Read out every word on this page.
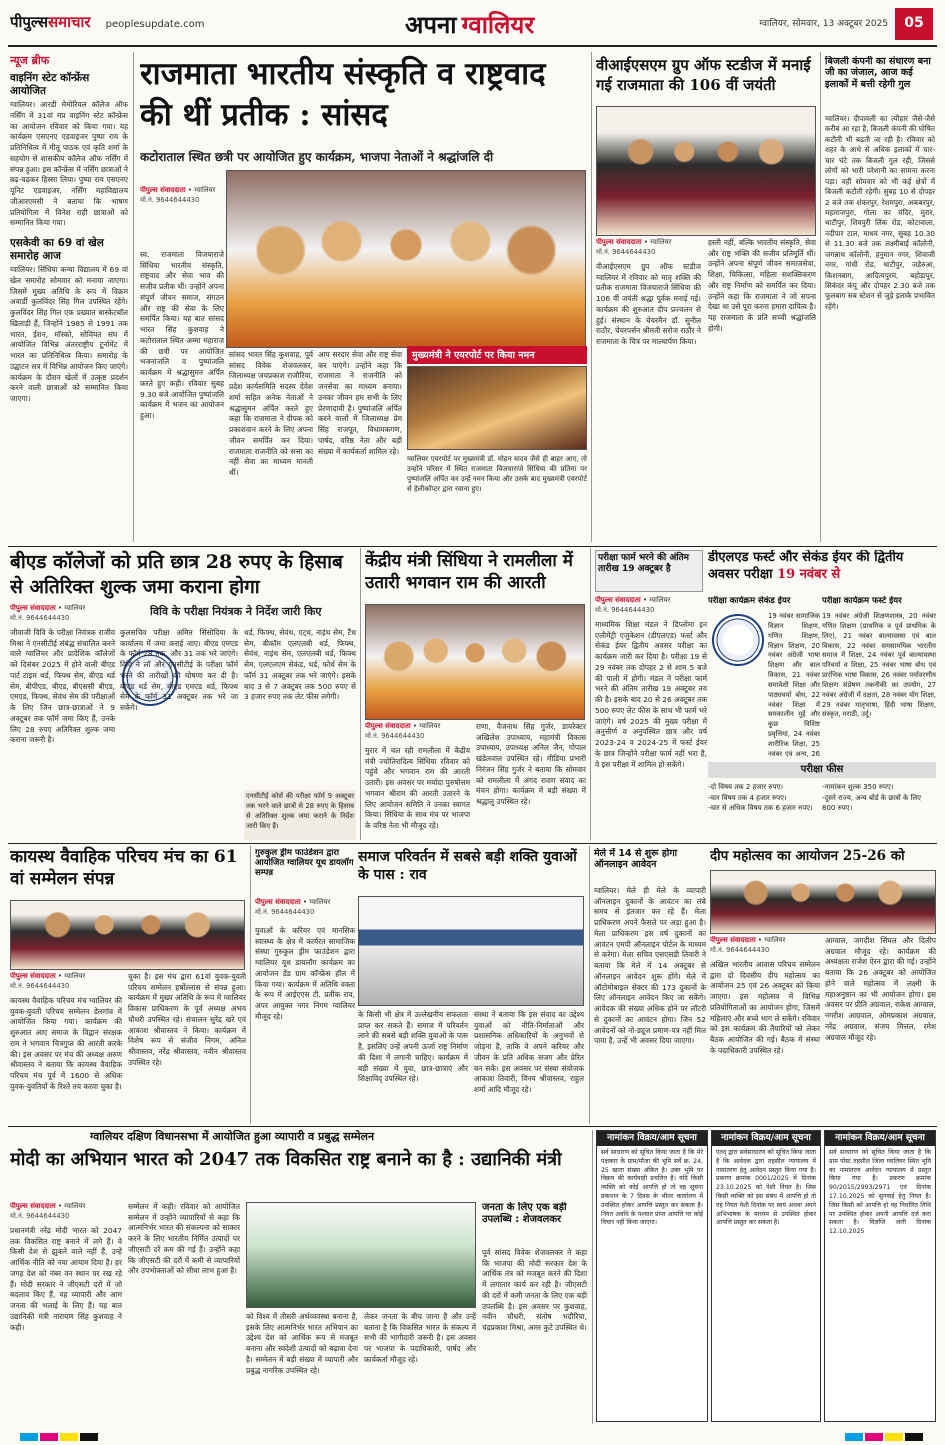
पीपुल्ससमाचार peoplesupdate.com	अपना ग्वालियर	ग्वालियर, सोमवार, 13 अक्टूबर 2025	05
न्यूज ब्रीफ
वाइनिंग स्टेट कॉन्फ्रेंस आयोजित
ग्वालियर। आरडी मेमोरियल कॉलेज ऑफ नर्सिंग में 31वां मप्र वाइनिंग स्टेट कॉन्फ्रेंस का आयोजन रविवार को किया गया। यह कार्यक्रम एसएनए एडवाइजर पुष्पा राय के प्रतिनिधित्व में मीतू पाठक एवं कृति शर्मा के सहयोग से शासकीय कॉलेज ऑफ नर्सिंग में संपन्न हुआ। इस कॉन्फ्रेंस में नर्सिंग छात्राओं ने बढ़-चढ़कर हिस्सा लिया। पुष्पा राय एसएनए यूनिट एडवाइजर, नर्सिंग महाविद्यालय जीआरएमसी ने बताया कि भाषण प्रतियोगिता में विनेश राही छात्राओं को सम्मानित किया गया।
एसकेवी का 69 वां खेल समारोह आज
ग्वालियर। सिंधिया कन्या विद्यालय में 69 वां खेल समारोह सोमवार को मनाया जाएगा। जिसमें मुख्य अतिथि के रूप में विक्रम अवार्डी कुलविंदर सिंह गिल उपस्थित रहेंगे। कुलविंदर सिंह गिल एक प्रख्यात बास्केटबॉल खिलाड़ी हैं, जिन्होंने 1985 से 1991 तक भारत, ईरान, मॉस्को, सोवियत संघ में आयोजित विभिन्न अंतरराष्ट्रीय टूर्नामेंट में भारत का प्रतिनिधित्व किया। समारोह के उद्घाटन सत्र में विभिन्न आयोजन किए जाएंगे। कार्यक्रम के दौरान खेलों में उत्कृष्ट प्रदर्शन करने वाली छात्राओं को सम्मानित किया जाएगा।
राजमाता भारतीय संस्कृति व राष्ट्रवाद की थीं प्रतीक : सांसद
कटोराताल स्थित छत्री पर आयोजित हुए कार्यक्रम, भाजपा नेताओं ने श्रद्धांजलि दी
पीपुल्स संवाददाता • ग्वालियर
मो.नं. 9644644430
स्व. राजमाता विजयाराजे सिंधिया भारतीय संस्कृति, राष्ट्रवाद और सेवा भाव की सजीव प्रतीक थीं। उन्होंने अपना संपूर्ण जीवन समाज, संगठन और राष्ट्र की सेवा के लिए समर्पित किया। यह बात सांसद भारत सिंह कुशवाह ने कटोराताल स्थित अम्मा महाराज की छत्री पर आयोजित भजनांजलि व पुष्पांजलि कार्यक्रम में श्रद्धासुमन अर्पित करते हुए कही। रविवार सुबह 9.30 बजे आयोजित पुष्पांजलि कार्यक्रम में भजन का आयोजन हुआ।
सांसद भारत सिंह कुशवाह, पूर्व सांसद विवेक शेजवलकर, जिलाध्यक्ष जयप्रकाश राजौरिया, प्रदेश कार्यसमिति सदस्य देवेश शर्मा सहित अनेक नेताओं ने श्रद्धासुमन अर्पित करते हुए कहा कि राजमाता ने दीपक को प्रकाशवान करने के लिए अपना जीवन समर्पित कर दिया। राजमाता राजनीति को सत्ता का नहीं सेवा का माध्यम मानती थीं।
आप सरदार सेवा और राष्ट्र सेवा कर पाएंगे। उन्होंने कहा कि राजमाता ने राजनीति को जनसेवा का माध्यम बनाया। उनका जीवन हम सभी के लिए प्रेरणादायी है। पुष्पांजलि अर्पित करने वालों में जिलाध्यक्ष प्रेम सिंह राजपूत, विधायकगण, पार्षद, वरिष्ठ नेता और बड़ी संख्या में कार्यकर्ता शामिल रहे।
मुख्यमंत्री ने एयरपोर्ट पर किया नमन
ग्वालियर एयरपोर्ट पर मुख्यमंत्री डॉ. मोहन यादव जैसे ही बाहर आए, तो उन्होंने परिसर में स्थित राजमाता विजयाराजे सिंधिया की प्रतिमा पर पुष्पांजलि अर्पित कर उन्हें नमन किया और उसके बाद मुख्यमंत्री एयरपोर्ट से हेलीकॉप्टर द्वारा रवाना हुए।
वीआईएसएम ग्रुप ऑफ स्टडीज में मनाई गई राजमाता की 106 वीं जयंती
पीपुल्स संवाददाता • ग्वालियर
मो.नं. 9644644430
वीआईएसएम ग्रुप ऑफ स्टडीज ग्वालियर में रविवार को मातृ शक्ति की प्रतीक राजमाता विजयाराजे सिंधिया की 106 वीं जयंती श्रद्धा पूर्वक मनाई गई। कार्यक्रम की शुरुआत दीप प्रज्वलन से हुई। संस्थान के चेयरमैन डॉ. सुनील राठौर, चेयरपर्सन श्रीमती सरोज राठौर ने राजमाता के चित्र पर माल्यार्पण किया।
हस्ती नहीं, बल्कि भारतीय संस्कृति, सेवा और राष्ट्र भक्ति की सजीव प्रतिमूर्ति थीं। उन्होंने अपना संपूर्ण जीवन समाजसेवा, शिक्षा, चिकित्सा, महिला सशक्तिकरण और राष्ट्र निर्माण को समर्पित कर दिया। उन्होंने कहा कि राजमाता ने जो सपना देखा था उसे पूरा करना हमारा दायित्व है। यह राजमाता के प्रति सच्ची श्रद्धांजलि होगी।
बिजली कंपनी का संधारण बना जी का जंजाल, आज कई इलाकों में बत्ती रहेगी गुल
ग्वालियर। दीपावली का त्यौहार जैसे-जैसे करीब आ रहा है, बिजली कंपनी की घोषित कटौती भी बढ़ती जा रही है। रविवार को शहर के आधे से अधिक इलाकों में चार-चार घंटे तक बिजली गुल रही, जिससे लोगों को भारी परेशानी का सामना करना पड़ा। वहीं सोमवार को भी कई क्षेत्रों में बिजली कटौती रहेगी। सुबह 10 से दोपहर 2 बजे तक शंकरपुर, रेशमपुरा, अकबरपुर, महाराजपुरा, गोला का मंदिर, मुरार, थाटीपुर, शिवपुरी लिंक रोड, कोटावाला, नदीपार टाल, माधव नगर, सुबह 10.30 से 11.30 बजे तक लक्ष्मीबाई कॉलोनी, जगन्नाथ कॉलोनी, हनुमान नगर, शिवाजी नगर, गांधी रोड, थाटीपुर, जडेरुआ, किशनबाग, आदित्यपुरम, बहोड़ापुर, सिकंदर कंपू और दोपहर 2.30 बजे तक फूलबाग सब स्टेशन से जुड़े इलाके प्रभावित रहेंगे।
बीएड कॉलेजों को प्रति छात्र 28 रुपए के हिसाब से अतिरिक्त शुल्क जमा कराना होगा
विवि के परीक्षा नियंत्रक ने निर्देश जारी किए
पीपुल्स संवाददाता • ग्वालियर
मो.नं. 9644644430
जीवाजी विवि के परीक्षा नियंत्रक राजीव मिश्रा ने एनसीटीई संबंद्ध संचालित करने वाले ग्वालियर और प्रादेशिक कॉलेजों को दिसंबर 2025 में होने वाली बीएड पार्ट टाइम थर्ड, फिफ्थ सेम, बीएड थर्ड सेम, बीपीएड, बीएड, बीएससी बीएड, एमएड, फिफ्थ, सेवंथ सेम की परीक्षाओं के लिए जिन छात्र-छात्राओं ने 9 अक्टूबर तक फॉर्म जमा किए हैं, उनके लिए 28 रुपए अतिरिक्त शुल्क जमा कराना जरूरी है।
कुलसचिव परीक्षा अमित सिंसोदिया के कार्यालय में जमा कराई जाए। बीएड एमएड के फॉर्म 28 तक, और 31 तक भरे जाएंगे। विवि ने लॉ और एनसीटीई के परीक्षा फॉर्म भरने की तारीखों की घोषणा कर दी है। बीएड थर्ड सेम, बीएड एमएड थर्ड, फिफ्थ सेम के फॉर्म 31 अक्टूबर तक भरे जा सकेंगे।
थर्ड, फिफ्थ, सेवंथ, एट्थ, नाइंथ सेम, टैंथ सेम, बीकॉम एलएलबी थर्ड, फिफ्थ, सेवंथ, नाइंथ सेम, एलएलबी थर्ड, फिफ्थ सेम, एलएलएम सेकंड, थर्ड, फोर्थ सेम के फॉर्म 31 अक्टूबर तक भरे जाएंगे। इसके बाद 3 से 7 अक्टूबर तक 500 रुपए से 3 हजार रुपए तक लेट फीस लगेगी।
एनसीटीई कोर्स की परीक्षा फॉर्म 9 अक्टूबर तक भरने वाले छात्रों से 28 रुपए के हिसाब से अतिरिक्त शुल्क जमा कराने के निर्देश जारी किए हैं।
केंद्रीय मंत्री सिंधिया ने रामलीला में उतारी भगवान राम की आरती
पीपुल्स संवाददाता • ग्वालियर
मो.नं. 9644644430
मुरार में चल रही रामलीला में केंद्रीय मंत्री ज्योतिरादित्य सिंधिया रविवार को पहुंचे और भगवान राम की आरती उतारी। इस अवसर पर मर्यादा पुरुषोत्तम भगवान श्रीराम की आरती उतारने के लिए आयोजन समिति ने उनका स्वागत किया। सिंधिया के साथ मंच पर भाजपा के वरिष्ठ नेता भी मौजूद रहे।
राणा, वैजनाथ सिंह गुर्जर, डायरेक्टर अखिलेश उपाध्याय, महामंत्री विकास उपाध्याय, उपाध्यक्ष अनिल जैन, गोपाल खंडेलवाल उपस्थित रहे। मीडिया प्रभारी निरंजन सिंह गुर्जर ने बताया कि सोमवार को रामलीला में अंगद रावण संवाद का मंचन होगा। कार्यक्रम में बड़ी संख्या में श्रद्धालु उपस्थित रहे।
परीक्षा फार्म भरने की अंतिम तारीख 19 अक्टूबर है
पीपुल्स संवाददाता • ग्वालियर
मो.नं. 9644644430
माध्यमिक शिक्षा मंडल ने डिप्लोमा इन एलीमेंट्री एजुकेशन (डीएलएड) फर्स्ट और सेकंड ईयर द्वितीय अवसर परीक्षा का कार्यक्रम जारी कर दिया है। परीक्षा 19 से 29 नवंबर तक दोपहर 2 से शाम 5 बजे की पाली में होगी। मंडल ने परीक्षा फार्म भरने की अंतिम तारीख 19 अक्टूबर तय की है। इसके बाद 20 से 26 अक्टूबर तक 500 रुपए लेट फीस के साथ भी फार्म भरे जाएंगे। वर्ष 2025 की मुख्य परीक्षा में अनुत्तीर्ण व अनुपस्थित छात्र और वर्ष 2023-24 व 2024-25 में फर्स्ट ईयर के छात्र जिन्होंने परीक्षा फार्म नहीं भरा है, वे इस परीक्षा में शामिल हो सकेंगे।
डीएलएड फर्स्ट और सेकंड ईयर की द्वितीय अवसर परीक्षा 19 नवंबर से
परीक्षा कार्यक्रम सेकंड ईयर	परीक्षा कार्यक्रम फर्स्ट ईयर
19 नवंबर सामाजिक विज्ञान शिक्षण, गणित शिक्षण, विज्ञान शिक्षण, 20 नवंबर अंग्रेजी भाषा शिक्षण और बाल विकास, 21 नवंबर समावेशी शिक्षा और पाठ्यचर्या बोध, 22 नवंबर शिक्षा में समकालीन मुद्दे और कुछ विशिष्ट प्रवृत्तियां, 24 नवंबर शारीरिक शिक्षा, 25 नवंबर एवं अन्य, 26
19 नवंबर अंग्रेजी शिक्षणशास्त्र, 20 नवंबर गणित शिक्षण (प्राथमिक व पूर्व प्राथमिक के लिए), 21 नवंबर बाल्यावस्था एवं बाल विकास, 22 नवंबर समसामयिक भारतीय समाज में शिक्षा, 24 नवंबर पूर्व बाल्यावस्था परिचर्या व शिक्षा, 25 नवंबर भाषा बोध एवं प्रारंभिक भाषा विकास, 26 नवंबर पर्यावरणीय शिक्षण संप्रेषण तकनीकी का उपयोग, 27 नवंबर अंग्रेजी में दक्षता, 28 नवंबर योग शिक्षा, 29 नवंबर मातृभाषा, हिंदी भाषा शिक्षण, संस्कृत, मराठी, उर्दू।
परीक्षा फीस
-दो विषय तक 2 हजार रुपए।
-चार विषय तक 4 हजार रुपए।
-चार से अधिक विषय तक 6 हजार रुपए।
-नामांकन शुल्क 350 रुपए।
-दूसरे राज्य, अन्य बोर्ड के छात्रों के लिए 800 रुपए।
कायस्थ वैवाहिक परिचय मंच का 61 वां सम्मेलन संपन्न
पीपुल्स संवाददाता • ग्वालियर
मो.नं. 9644644430
कायस्थ वैवाहिक परिचय मंच ग्वालियर की युवक-युवती परिचय सम्मेलन डेलगांव में आयोजित किया गया। कार्यक्रम की शुरुआत आए समाज के विद्वान संरक्षक राम ने भगवान चित्रगुप्त की आरती करके की। इस अवसर पर मंच की अध्यक्ष अरुण श्रीवास्तव ने बताया कि कायस्थ वैवाहिक परिचय मंच पूर्व में 1600 से अधिक युवक-युवतियों के रिश्ते तय करवा चुका है।
चुका है। इस मंच द्वारा 61वां युवक-युवती परिचय सम्मेलन हर्षोल्लास से संपन्न हुआ। कार्यक्रम में मुख्य अतिथि के रूप में ग्वालियर विकास प्राधिकरण के पूर्व अध्यक्ष अभय चौधरी उपस्थित रहे। संचालन सुरेंद्र खरे एवं आकाश श्रीवास्तव ने किया। कार्यक्रम में विशेष रूप से संजीव निगम, अनिल श्रीवास्तव, नरेंद्र श्रीवास्तव, नवीन श्रीवास्तव उपस्थित रहे।
गुरुकुल ड्रीम फाउंडेशन द्वारा आयोजित ग्वालियर यूथ डायलॉग सम्पन्न
समाज परिवर्तन में सबसे बड़ी शक्ति युवाओं के पास : राव
पीपुल्स संवाददाता • ग्वालियर
मो.नं. 9644644430
युवाओं के करियर एवं मानसिक स्वास्थ्य के क्षेत्र में कार्यरत सामाजिक संस्था गुरुकुल ड्रीम फाउंडेशन द्वारा ग्वालियर यूथ डायलॉग कार्यक्रम का आयोजन डेंड ग्राम कॉन्फ्रेंस हॉल में किया गया। कार्यक्रम में अतिथि वक्ता के रूप में आईएएस टी. प्रतीक राव, अपर आयुक्त नगर निगम ग्वालियर मौजूद रहे।	के किसी भी क्षेत्र में उल्लेखनीय सफलता प्राप्त कर सकते हैं। समाज में परिवर्तन लाने की सबसे बड़ी शक्ति युवाओं के पास है, इसलिए उन्हें अपनी ऊर्जा राष्ट्र निर्माण की दिशा में लगानी चाहिए। कार्यक्रम में बड़ी संख्या में युवा, छात्र-छात्राएं और शिक्षाविद् उपस्थित रहे।
संस्था ने बताया कि इस संवाद का उद्देश्य युवाओं को नीति-निर्माताओं और प्रशासनिक अधिकारियों के अनुभवों से जोड़ना है, ताकि वे अपने करियर और जीवन के प्रति अधिक सजग और प्रेरित बन सकें। इस अवसर पर संस्था संयोजक आकाश तिवारी, विनय श्रीवास्तव, राहुल शर्मा आदि मौजूद रहे।
मेले में 14 से शुरू होगा ऑनलाइन आवेदन
ग्वालियर। मेले ही मेले के व्यापारी ऑनलाइन दुकानों के आवंटन का लंबे समय से इंतजार कर रहे हैं। मेला प्राधिकरण अपने फैसले पर अड़ा हुआ है। मेला प्राधिकरण इस वर्ष दुकानों का आवंटन एमपी ऑनलाइन पोर्टल के माध्यम से करेगा। मेला सचिव एसएसडी तिवारी ने बताया कि मेले में 14 अक्टूबर से ऑनलाइन आवेदन शुरू होंगे। मेले में ऑटोमोबाइल सेक्टर की 173 दुकानों के लिए ऑनलाइन आवेदन किए जा सकेंगे। आवेदक की संख्या अधिक होने पर लॉटरी से दुकानों का आवंटन होगा। जिन 52 आवेदनों को नो-ड्यूज प्रमाण-पत्र नहीं मिल पाया है, उन्हें भी अवसर दिया जाएगा।
दीप महोत्सव का आयोजन 25-26 को
पीपुल्स संवाददाता • ग्वालियर
मो.नं. 9644644430
अखिल भारतीय आवास परिचय सम्मेलन द्वारा दो दिवसीय दीप महोत्सव का आयोजन 25 एवं 26 अक्टूबर को किया जाएगा। इस महोत्सव में विभिन्न प्रतियोगिताओं का आयोजन होगा, जिसमें महिलाएं और बच्चे भाग ले सकेंगे। रविवार को इस कार्यक्रम की तैयारियों को लेकर बैठक आयोजित की गई। बैठक में संस्था के पदाधिकारी उपस्थित रहे।
आग्वाल, जगदीश सिंघल और दिलीप अग्रवाल मौजूद रहे। कार्यक्रम की अध्यक्षता राजेश ऐरन द्वारा की गई। उन्होंने बताया कि 26 अक्टूबर को आयोजित होने वाले महोत्सव में लक्ष्मी के महाअनुष्ठान का भी आयोजन होगा। इस अवसर पर प्रीति अग्रवाल, राकेश आग्वाल, नगरीश आग्रवाल, ओमप्रकाश अग्रवाल, नरेंद्र अग्रवाल, संजय मित्तल, रमेश अग्रवाल मौजूद रहे।
ग्वालियर दक्षिण विधानसभा में आयोजित हुआ व्यापारी व प्रबुद्ध सम्मेलन
मोदी का अभियान भारत को 2047 तक विकसित राष्ट्र बनाने का है : उद्यानिकी मंत्री
पीपुल्स संवाददाता • ग्वालियर
मो.नं. 9644644430
प्रधानमंत्री नरेंद्र मोदी भारत को 2047 तक विकसित राष्ट्र बनाने में लगे हैं। वे किसी देश से झुकने वाले नहीं हैं, उन्हें आर्थिक नीति को नया आयाम दिया है। हर जगह देश को नंबर वन स्थान पर रख रहे हैं। मोदी सरकार ने जीएसटी दरों में जो बदलाव किए हैं, वह व्यापारी और आम जनता की भलाई के लिए हैं। यह बात उद्यानिकी मंत्री नारायण सिंह कुशवाह ने कही।
सम्मेलन में कही। रविवार को आयोजित सम्मेलन में उन्होंने व्यापारियों से कहा कि आत्मनिर्भर भारत की संकल्पना को साकार करने के लिए भारतीय निर्मित उत्पादों पर जीएसटी दरें कम की गई हैं। उन्होंने कहा कि जीएसटी की दरों में कमी से व्यापारियों और उपभोक्ताओं को सीधा लाभ हुआ है।
को विश्व में तीसरी अर्थव्यवस्था बनाना है, इसके लिए आत्मनिर्भर भारत अभियान का उद्देश्य देश को आर्थिक रूप से मजबूत बनाना और स्वदेशी उत्पादों को बढ़ावा देना है। सम्मेलन में बड़ी संख्या में व्यापारी और प्रबुद्ध नागरिक उपस्थित रहे।
लेकर जनता के बीच जाना है और उन्हें बताना है कि विकसित भारत के संकल्प में सभी की भागीदारी जरूरी है। इस अवसर पर भाजपा के पदाधिकारी, पार्षद और कार्यकर्ता मौजूद रहे।
जनता के लिए एक बड़ी उपलब्धि : शेजवलकर
पूर्व सांसद विवेक शेजवलकर ने कहा कि भाजपा की मोदी सरकार देश के आर्थिक तंत्र को मजबूत करने की दिशा में लगातार कार्य कर रही है। जीएसटी की दरों में कमी जनता के लिए एक बड़ी उपलब्धि है। इस अवसर पर कुशवाह, नवीन चौधरी, संतोष भदौरिया, चंद्रप्रकाश मिश्रा, अमर कुटे उपस्थित थे।
नामांकन विक्रय/आम सूचना
सर्व साधारण को सूचित किया जाता है कि मेरे पक्षकार के ग्राम/मौजा की भूमि सर्वे क्र. 24, 25 खाता संख्या अंकित है। उक्त भूमि पर विक्रय की कार्यवाही प्रचलित है। यदि किसी व्यक्ति को कोई आपत्ति हो तो वह सूचना प्रकाशन के 7 दिवस के भीतर कार्यालय में उपस्थित होकर आपत्ति प्रस्तुत कर सकता है। नियत अवधि के पश्चात प्राप्त आपत्ति पर कोई विचार नहीं किया जाएगा।
नामांकन विक्रय/आम सूचना
एतद् द्वारा सर्वसाधारण को सूचित किया जाता है कि आवेदक द्वारा तहसील न्यायालय में नामांतरण हेतु आवेदन प्रस्तुत किया गया है। प्रकरण क्रमांक 0001/2025 में दिनांक 23.10.2025 को पेशी नियत है। जिस किसी व्यक्ति को इस संबंध में आपत्ति हो तो वह नियत पेशी दिनांक पर स्वयं अथवा अपने अभिभाषक के माध्यम से उपस्थित होकर आपत्ति प्रस्तुत कर सकता है।
नामांकन विक्रय/आम सूचना
सर्व साधारण को सूचित किया जाता है कि ग्राम पोस्ट तहसील जिला ग्वालियर स्थित भूमि का नामांतरण आवेदन न्यायालय में प्रस्तुत किया गया है। प्रकरण क्रमांक 90/2015/2993/2971 एवं दिनांक 17.10.2025 को सुनवाई हेतु नियत है। जिस किसी को आपत्ति हो वह निर्धारित तिथि पर उपस्थित होकर अपनी आपत्ति दर्ज करा सकता है। विज्ञप्ति जारी दिनांक 12.10.2025
